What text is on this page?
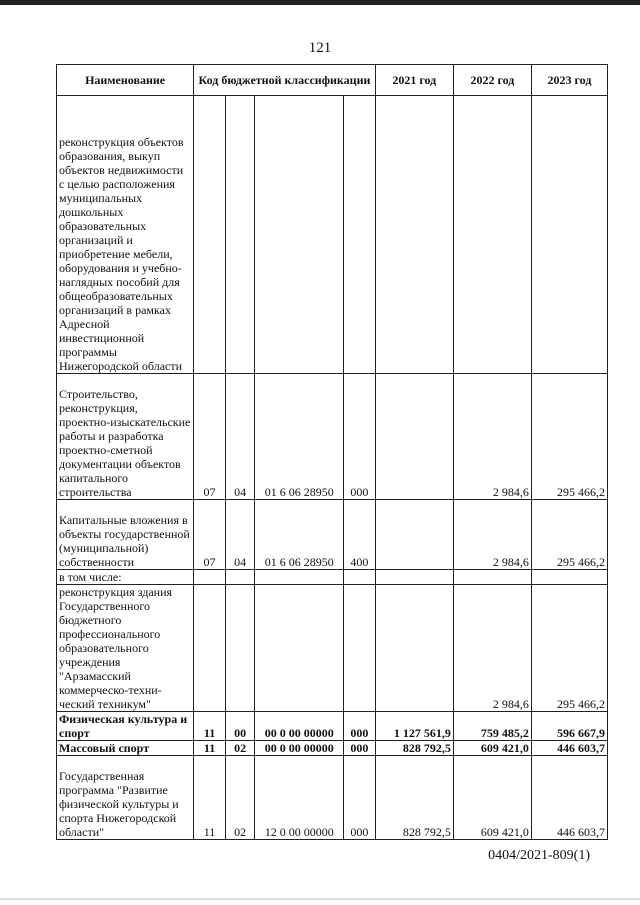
121
Наименование	Код бюджетной классификации				2021 год	2022 год	2023 год
реконструкция объектов образования, выкуп объектов недвижимости с целью расположения муниципальных дошкольных образовательных организаций и приобретение мебели, оборудования и учебно-наглядных пособий для общеобразовательных организаций в рамках Адресной инвестиционной программы Нижегородской области							
Строительство, реконструкция, проектно-изыскательские работы и разработка проектно-сметной документации объектов капитального строительства	07	04	01 6 06 28950	000		2 984,6	295 466,2
Капитальные вложения в объекты государственной (муниципальной) собственности	07	04	01 6 06 28950	400		2 984,6	295 466,2
в том числе:							
реконструкция здания Государственного бюджетного профессионального образовательного учреждения "Арзамасский коммерческо-техни-ческий техникум"						2 984,6	295 466,2
Физическая культура и спорт	11	00	00 0 00 00000	000	1 127 561,9	759 485,2	596 667,9
Массовый спорт	11	02	00 0 00 00000	000	828 792,5	609 421,0	446 603,7
Государственная программа "Развитие физической культуры и спорта Нижегородской области"	11	02	12 0 00 00000	000	828 792,5	609 421,0	446 603,7
0404/2021-809(1)
